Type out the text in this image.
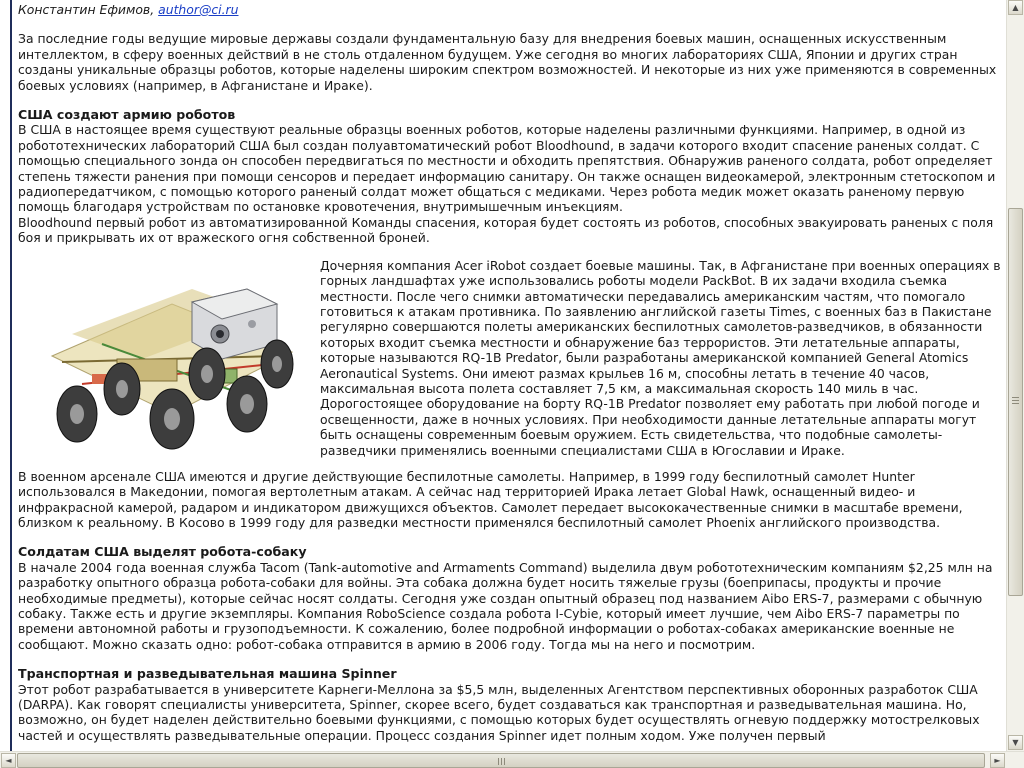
Константин Ефимов, author@ci.ru

За последние годы ведущие мировые державы создали фундаментальную базу для внедрения боевых машин, оснащенных искусственным интеллектом, в сферу военных действий в не столь отдаленном будущем. Уже сегодня во многих лабораториях США, Японии и других стран созданы уникальные образцы роботов, которые наделены широким спектром возможностей. И некоторые из них уже применяются в современных боевых условиях (например, в Афганистане и Ираке).

США создают армию роботов

В США в настоящее время существуют реальные образцы военных роботов, которые наделены различными функциями. Например, в одной из робототехнических лабораторий США был создан полуавтоматический робот Bloodhound, в задачи которого входит спасение раненых солдат. С помощью специального зонда он способен передвигаться по местности и обходить препятствия. Обнаружив раненого солдата, робот определяет степень тяжести ранения при помощи сенсоров и передает информацию санитару. Он также оснащен видеокамерой, электронным стетоскопом и радиопередатчиком, с помощью которого раненый солдат может общаться с медиками. Через робота медик может оказать раненому первую помощь благодаря устройствам по остановке кровотечения, внутримышечным инъекциям.

Bloodhound первый робот из автоматизированной Команды спасения, которая будет состоять из роботов, способных эвакуировать раненых с поля боя и прикрывать их от вражеского огня собственной броней.

Дочерняя компания Acer iRobot создает боевые машины. Так, в Афганистане при военных операциях в горных ландшафтах уже использовались роботы модели PackBot. В их задачи входила съемка местности. После чего снимки автоматически передавались американским частям, что помогало готовиться к атакам противника. По заявлению английской газеты Times, с военных баз в Пакистане регулярно совершаются полеты американских беспилотных самолетов-разведчиков, в обязанности которых входит съемка местности и обнаружение баз террористов. Эти летательные аппараты, которые называются RQ-1B Predator, были разработаны американской компанией General Atomics Aeronautical Systems. Они имеют размах крыльев 16 м, способны летать в течение 40 часов, максимальная высота полета составляет 7,5 км, а максимальная скорость 140 миль в час. Дорогостоящее оборудование на борту RQ-1B Predator позволяет ему работать при любой погоде и освещенности, даже в ночных условиях. При необходимости данные летательные аппараты могут быть оснащены современным боевым оружием. Есть свидетельства, что подобные самолеты-разведчики применялись военными специалистами США в Югославии и Ираке.

В военном арсенале США имеются и другие действующие беспилотные самолеты. Например, в 1999 году беспилотный самолет Hunter использовался в Македонии, помогая вертолетным атакам. А сейчас над территорией Ирака летает Global Hawk, оснащенный видео- и инфракрасной камерой, радаром и индикатором движущихся объектов. Самолет передает высококачественные снимки в масштабе времени, близком к реальному. В Косово в 1999 году для разведки местности применялся беспилотный самолет Phoenix английского производства.

Солдатам США выделят робота-собаку

В начале 2004 года военная служба Tacom (Tank-automotive and Armaments Command) выделила двум робототехническим компаниям $2,25 млн на разработку опытного образца робота-собаки для войны. Эта собака должна будет носить тяжелые грузы (боеприпасы, продукты и прочие необходимые предметы), которые сейчас носят солдаты. Сегодня уже создан опытный образец под названием Aibo ERS-7, размерами с обычную собаку. Также есть и другие экземпляры. Компания RoboScience создала робота I-Cybie, который имеет лучшие, чем Aibo ERS-7 параметры по времени автономной работы и грузоподъемности. К сожалению, более подробной информации о роботах-собаках американские военные не сообщают. Можно сказать одно: робот-собака отправится в армию в 2006 году. Тогда мы на него и посмотрим.

Транспортная и разведывательная машина Spinner

Этот робот разрабатывается в университете Карнеги-Меллона за $5,5 млн, выделенных Агентством перспективных оборонных разработок США (DARPA). Как говорят специалисты университета, Spinner, скорее всего, будет создаваться как транспортная и разведывательная машина. Но, возможно, он будет наделен действительно боевыми функциями, с помощью которых будет осуществлять огневую поддержку мотострелковых частей и осуществлять разведывательные операции. Процесс создания Spinner идет полным ходом. Уже получен первый

▲
▼
◄	►
